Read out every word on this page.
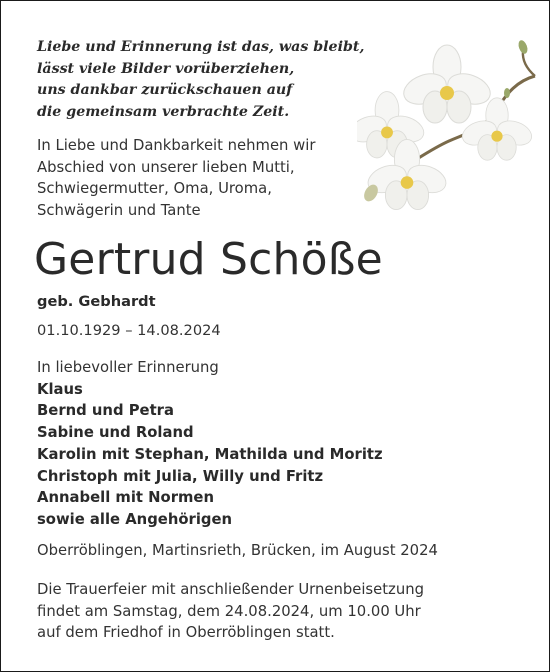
Liebe und Erinnerung ist das, was bleibt,
lässt viele Bilder vorüberziehen,
uns dankbar zurückschauen auf
die gemeinsam verbrachte Zeit.
In Liebe und Dankbarkeit nehmen wir
Abschied von unserer lieben Mutti,
Schwiegermutter, Oma, Uroma,
Schwägerin und Tante
Gertrud Schöße
geb. Gebhardt
01.10.1929 – 14.08.2024
In liebevoller Erinnerung
Klaus
Bernd und Petra
Sabine und Roland
Karolin mit Stephan, Mathilda und Moritz
Christoph mit Julia, Willy und Fritz
Annabell mit Normen
sowie alle Angehörigen
Oberröblingen, Martinsrieth, Brücken, im August 2024
Die Trauerfeier mit anschließender Urnenbeisetzung
findet am Samstag, dem 24.08.2024, um 10.00 Uhr
auf dem Friedhof in Oberröblingen statt.
